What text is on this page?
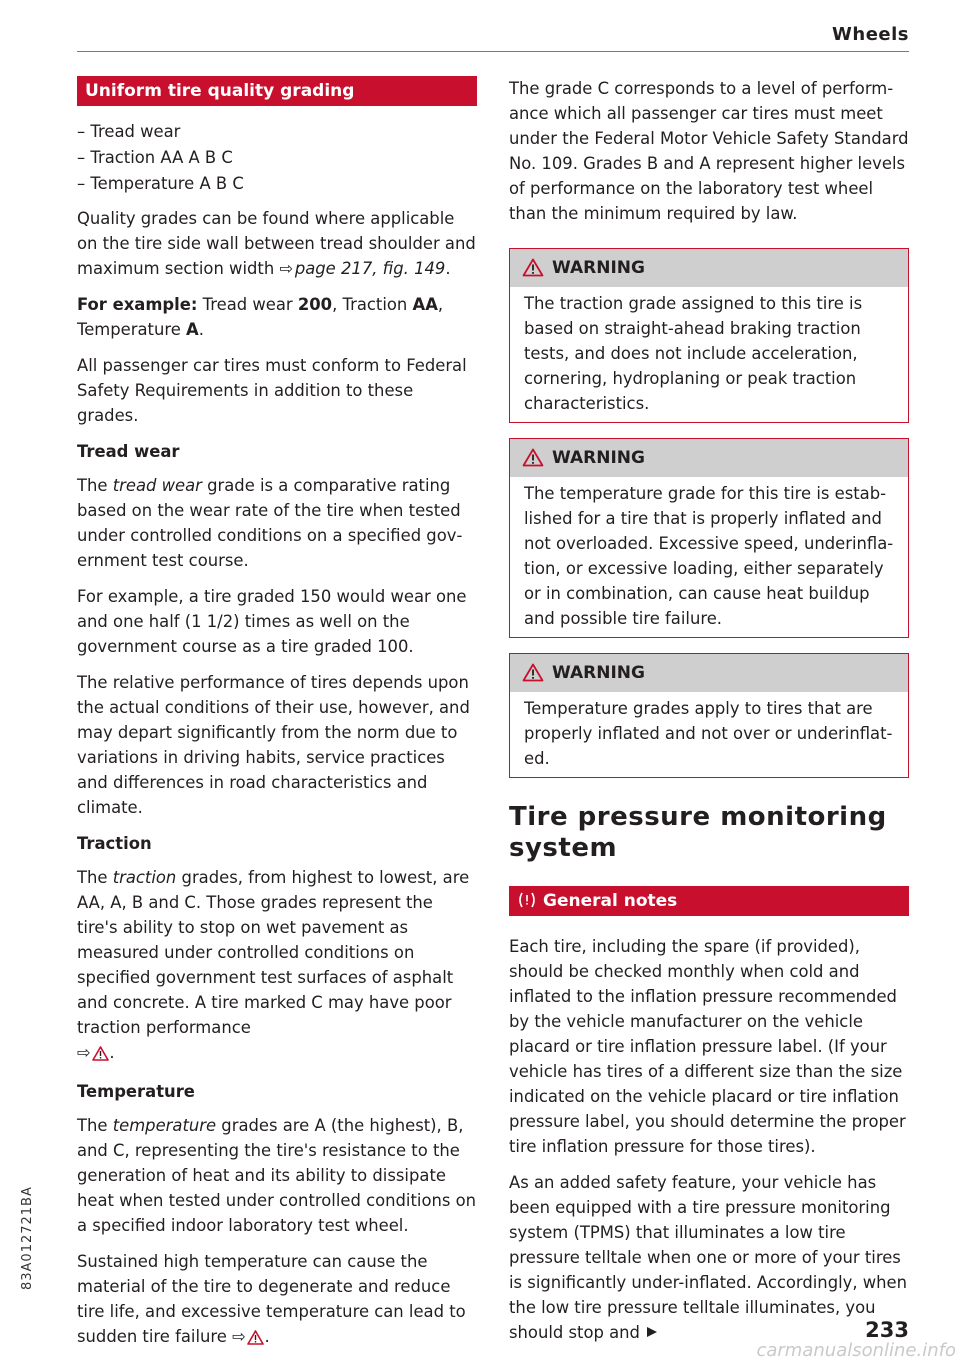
Wheels
83A012721BA
Uniform tire quality grading
– Tread wear
– Traction AA A B C
– Temperature A B C

Quality grades can be found where applicable on the tire side wall between tread shoulder and maximum section width ⇨  page 217, fig. 149.

For example: Tread wear 200, Traction AA, Temperature A.

All passenger car tires must conform to Federal Safety Requirements in addition to these grades.

Tread wear

The tread wear grade is a comparative rating based on the wear rate of the tire when tested under controlled conditions on a specified government test course.

For example, a tire graded 150 would wear one and one half (1 1/2) times as well on the government course as a tire graded 100.

The relative performance of tires depends upon the actual conditions of their use, however, and may depart significantly from the norm due to variations in driving habits, service practices and differences in road characteristics and climate.

Traction

The traction grades, from highest to lowest, are AA, A, B and C. Those grades represent the tire's ability to stop on wet pavement as measured under controlled conditions on specified government test surfaces of asphalt and concrete. A tire marked C may have poor traction performance
⇨  .

Temperature

The temperature grades are A (the highest), B, and C, representing the tire's resistance to the generation of heat and its ability to dissipate heat when tested under controlled conditions on a specified indoor laboratory test wheel.

Sustained high temperature can cause the material of the tire to degenerate and reduce tire life, and excessive temperature can lead to sudden tire failure ⇨  .

The grade C corresponds to a level of performance which all passenger car tires must meet under the Federal Motor Vehicle Safety Standard No. 109. Grades B and A represent higher levels of performance on the laboratory test wheel than the minimum required by law.

WARNING
The traction grade assigned to this tire is based on straight-ahead braking traction tests, and does not include acceleration, cornering, hydroplaning or peak traction characteristics.
WARNING
The temperature grade for this tire is established for a tire that is properly inflated and not overloaded. Excessive speed, underinflation, or excessive loading, either separately or in combination, can cause heat buildup and possible tire failure.
WARNING
Temperature grades apply to tires that are properly inflated and not over or underinflated.
Tire pressure monitoring system
General notes

Each tire, including the spare (if provided), should be checked monthly when cold and inflated to the inflation pressure recommended by the vehicle manufacturer on the vehicle placard or tire inflation pressure label. (If your vehicle has tires of a different size than the size indicated on the vehicle placard or tire inflation pressure label, you should determine the proper tire inflation pressure for those tires).

As an added safety feature, your vehicle has been equipped with a tire pressure monitoring system (TPMS) that illuminates a low tire pressure telltale when one or more of your tires is significantly under-inflated. Accordingly, when the low tire pressure telltale illuminates, you should stop and	233
carmanualsonline.info
